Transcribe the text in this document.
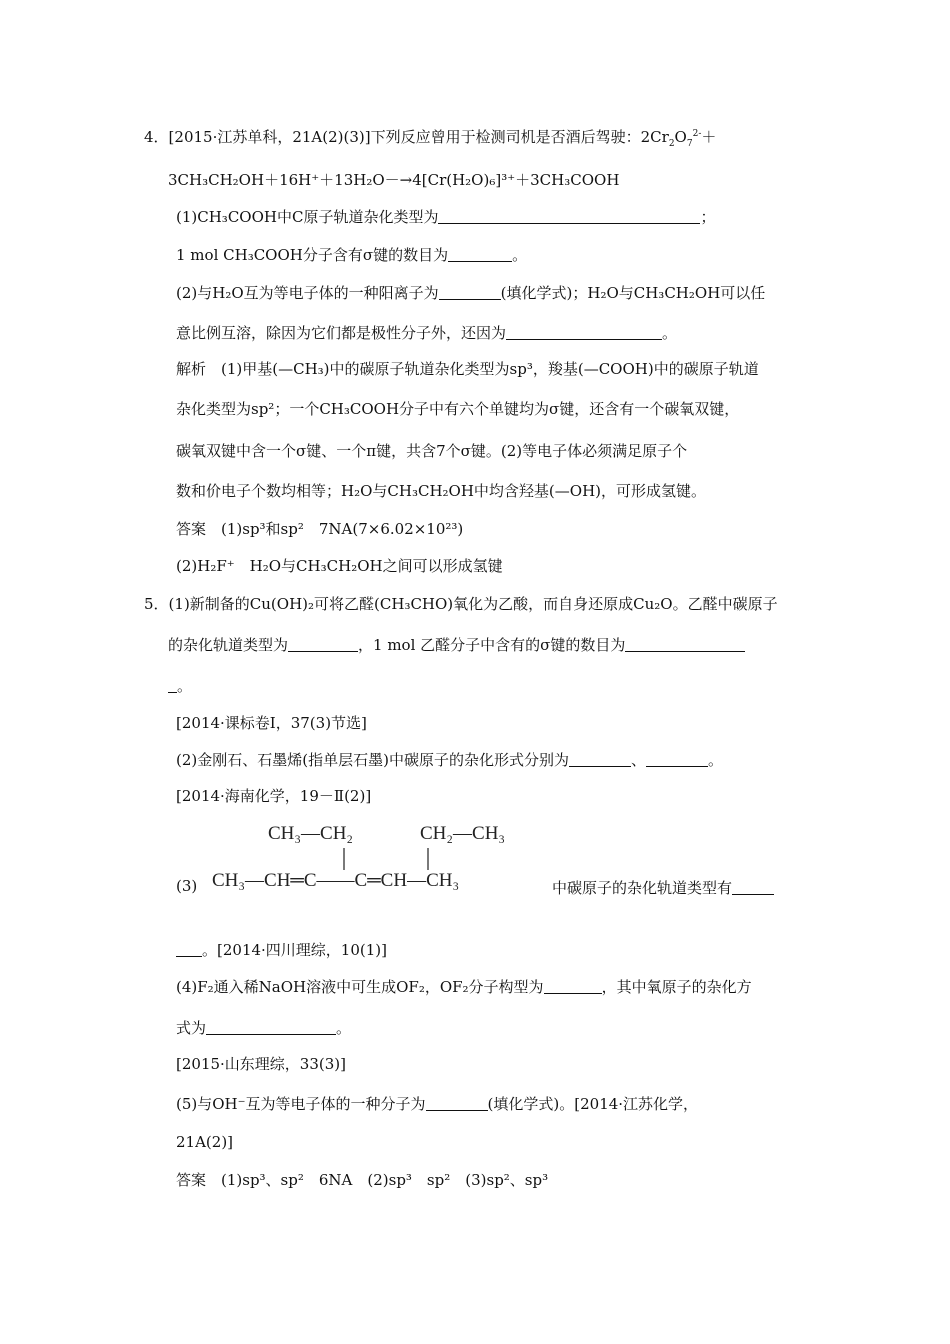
4．[2015·江苏单科，21A(2)(3)]下列反应曾用于检测司机是否酒后驾驶：$2Cr_2O_7^{2-}+$
3CH₃CH₂OH＋16H⁺＋13H₂O－→4[Cr(H₂O)₆]³⁺＋3CH₃COOH
(1)CH₃COOH中C原子轨道杂化类型为	；
1 mol CH₃COOH分子含有σ键的数目为	。
(2)与H₂O互为等电子体的一种阳离子为	(填化学式)；H₂O与CH₃CH₂OH可以任
意比例互溶，除因为它们都是极性分子外，还因为	。
解析　(1)甲基(—CH₃)中的碳原子轨道杂化类型为sp³，羧基(—COOH)中的碳原子轨道
杂化类型为sp²；一个CH₃COOH分子中有六个单键均为σ键，还含有一个碳氧双键，
碳氧双键中含一个σ键、一个π键，共含7个σ键。(2)等电子体必须满足原子个
数和价电子个数均相等；H₂O与CH₃CH₂OH中均含羟基(—OH)，可形成氢键。
答案　(1)sp³和sp²　7NA(7×6.02×10²³)
(2)H₂F⁺　H₂O与CH₃CH₂OH之间可以形成氢键
5．(1)新制备的Cu(OH)₂可将乙醛(CH₃CHO)氧化为乙酸，而自身还原成Cu₂O。乙醛中碳原子
的杂化轨道类型为	，1 mol 乙醛分子中含有的σ键的数目为
。
[2014·课标卷Ⅰ，37(3)节选]
(2)金刚石、石墨烯(指单层石墨)中碳原子的杂化形式分别为	、	。
[2014·海南化学，19－Ⅱ(2)]
CH₃—CH₂	CH₂—CH₃
CH₃—CH═C——C═CH—CH₃
(3)	中碳原子的杂化轨道类型有
。[2014·四川理综，10(1)]
(4)F₂通入稀NaOH溶液中可生成OF₂，OF₂分子构型为	，其中氧原子的杂化方
式为	。
[2015·山东理综，33(3)]
(5)与OH⁻互为等电子体的一种分子为	(填化学式)。[2014·江苏化学，
21A(2)]
答案　(1)sp³、sp²　6NA　(2)sp³　sp²　(3)sp²、sp³
